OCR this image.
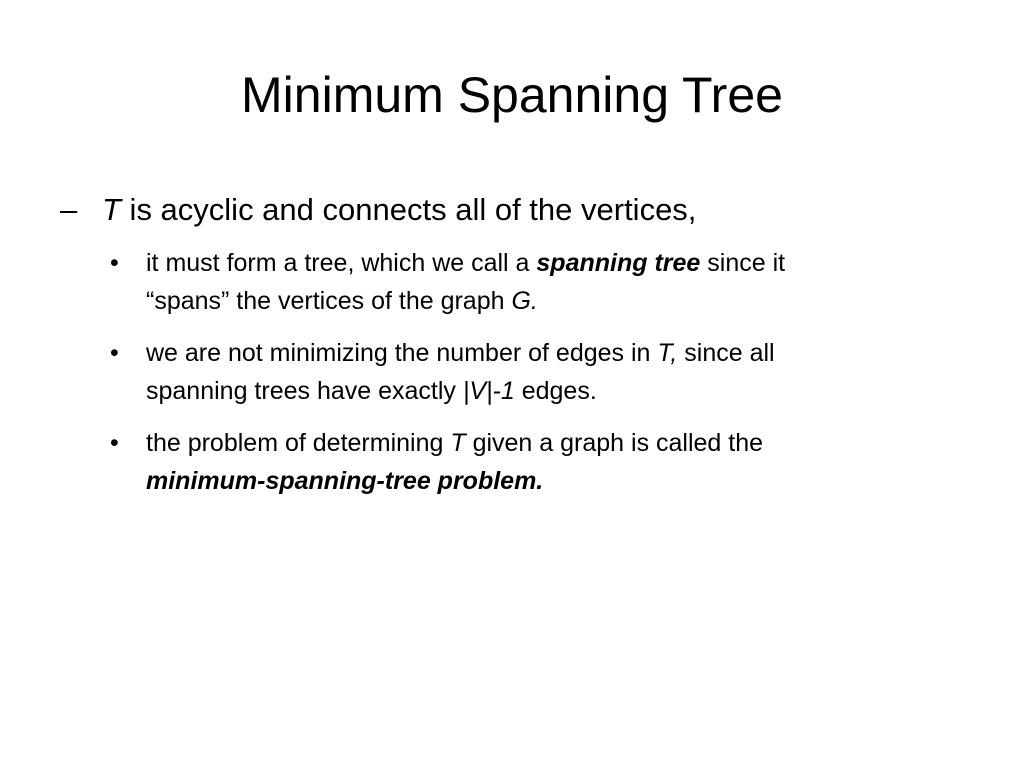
Minimum Spanning Tree
– T is acyclic and connects all of the vertices,
• it must form a tree, which we call a spanning tree since it
“spans” the vertices of the graph G.
• we are not minimizing the number of edges in T, since all
spanning trees have exactly |V|-1 edges.
• the problem of determining T given a graph is called the
minimum-spanning-tree problem.
